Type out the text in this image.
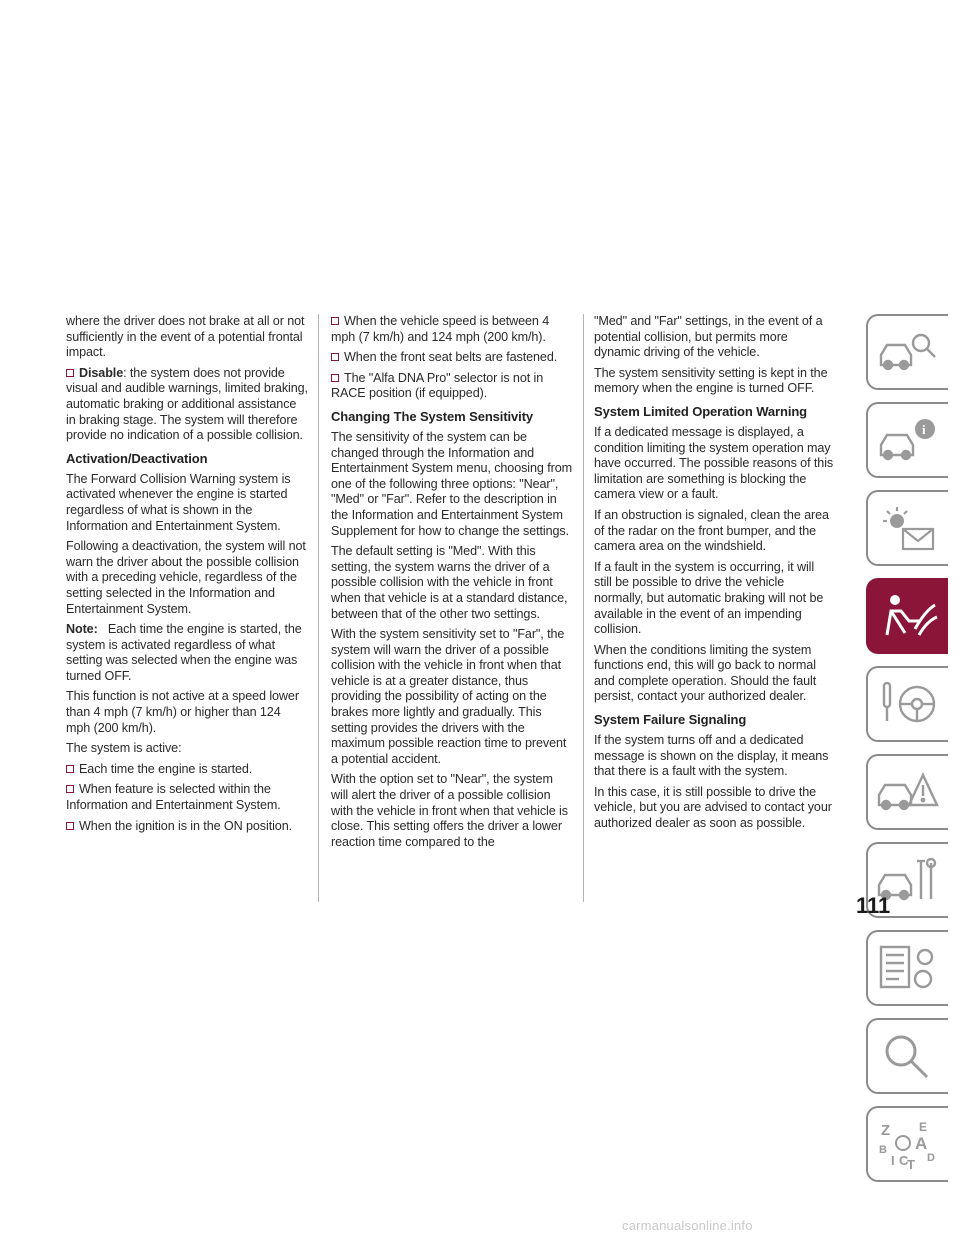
where the driver does not brake at all or not sufficiently in the event of a potential frontal impact.

Disable: the system does not provide visual and audible warnings, limited braking, automatic braking or additional assistance in braking stage. The system will therefore provide no indication of a possible collision.

Activation/Deactivation

The Forward Collision Warning system is activated whenever the engine is started regardless of what is shown in the Information and Entertainment System.

Following a deactivation, the system will not warn the driver about the possible collision with a preceding vehicle, regardless of the setting selected in the Information and Entertainment System.

Note: Each time the engine is started, the system is activated regardless of what setting was selected when the engine was turned OFF.

This function is not active at a speed lower than 4 mph (7 km/h) or higher than 124 mph (200 km/h).

The system is active:

Each time the engine is started.

When feature is selected within the Information and Entertainment System.

When the ignition is in the ON position.

When the vehicle speed is between 4 mph (7 km/h) and 124 mph (200 km/h).

When the front seat belts are fastened.

The "Alfa DNA Pro" selector is not in RACE position (if equipped).

Changing The System Sensitivity

The sensitivity of the system can be changed through the Information and Entertainment System menu, choosing from one of the following three options: "Near", "Med" or "Far". Refer to the description in the Information and Entertainment System Supplement for how to change the settings.

The default setting is "Med". With this setting, the system warns the driver of a possible collision with the vehicle in front when that vehicle is at a standard distance, between that of the other two settings.

With the system sensitivity set to "Far", the system will warn the driver of a possible collision with the vehicle in front when that vehicle is at a greater distance, thus providing the possibility of acting on the brakes more lightly and gradually. This setting provides the drivers with the maximum possible reaction time to prevent a potential accident.

With the option set to "Near", the system will alert the driver of a possible collision with the vehicle in front when that vehicle is close. This setting offers the driver a lower reaction time compared to the

"Med" and "Far" settings, in the event of a potential collision, but permits more dynamic driving of the vehicle.

The system sensitivity setting is kept in the memory when the engine is turned OFF.

System Limited Operation Warning

If a dedicated message is displayed, a condition limiting the system operation may have occurred. The possible reasons of this limitation are something is blocking the camera view or a fault.

If an obstruction is signaled, clean the area of the radar on the front bumper, and the camera area on the windshield.

If a fault in the system is occurring, it will still be possible to drive the vehicle normally, but automatic braking will not be available in the event of an impending collision.

When the conditions limiting the system functions end, this will go back to normal and complete operation. Should the fault persist, contact your authorized dealer.

System Failure Signaling

If the system turns off and a dedicated message is shown on the display, it means that there is a fault with the system.

In this case, it is still possible to drive the vehicle, but you are advised to contact your authorized dealer as soon as possible.

i
Z E
A
B
I C
T D
111
carmanualsonline.info
